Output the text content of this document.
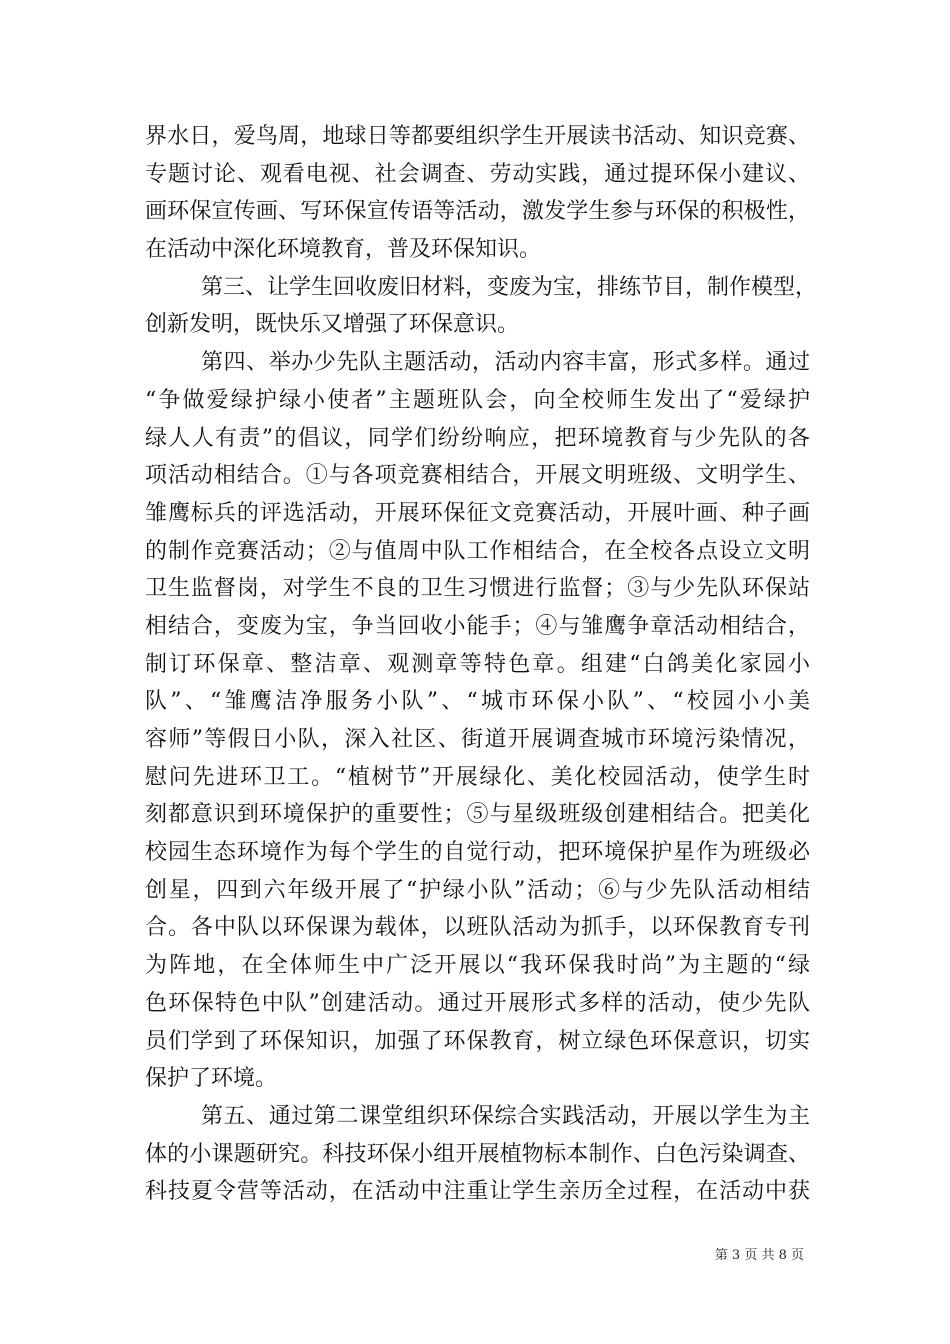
界水日，爱鸟周，地球日等都要组织学生开展读书活动、知识竞赛、
专题讨论、观看电视、社会调查、劳动实践，通过提环保小建议、
画环保宣传画、写环保宣传语等活动，激发学生参与环保的积极性，
在活动中深化环境教育，普及环保知识。
第三、让学生回收废旧材料，变废为宝，排练节目，制作模型，
创新发明，既快乐又增强了环保意识。
第四、举办少先队主题活动，活动内容丰富，形式多样。通过
“争做爱绿护绿小使者”主题班队会，向全校师生发出了“爱绿护
绿人人有责”的倡议，同学们纷纷响应，把环境教育与少先队的各
项活动相结合。①与各项竞赛相结合，开展文明班级、文明学生、
雏鹰标兵的评选活动，开展环保征文竞赛活动，开展叶画、种子画
的制作竞赛活动；②与值周中队工作相结合，在全校各点设立文明
卫生监督岗，对学生不良的卫生习惯进行监督；③与少先队环保站
相结合，变废为宝，争当回收小能手；④与雏鹰争章活动相结合，
制订环保章、整洁章、观测章等特色章。组建“白鸽美化家园小
队”、“雏鹰洁净服务小队”、“城市环保小队”、“校园小小美
容师”等假日小队，深入社区、街道开展调查城市环境污染情况，
慰问先进环卫工。“植树节”开展绿化、美化校园活动，使学生时
刻都意识到环境保护的重要性；⑤与星级班级创建相结合。把美化
校园生态环境作为每个学生的自觉行动，把环境保护星作为班级必
创星，四到六年级开展了“护绿小队”活动；⑥与少先队活动相结
合。各中队以环保课为载体，以班队活动为抓手，以环保教育专刊
为阵地，在全体师生中广泛开展以“我环保我时尚”为主题的“绿
色环保特色中队”创建活动。通过开展形式多样的活动，使少先队
员们学到了环保知识，加强了环保教育，树立绿色环保意识，切实
保护了环境。
第五、通过第二课堂组织环保综合实践活动，开展以学生为主
体的小课题研究。科技环保小组开展植物标本制作、白色污染调查、
科技夏令营等活动，在活动中注重让学生亲历全过程，在活动中获
第 3 页 共 8 页
